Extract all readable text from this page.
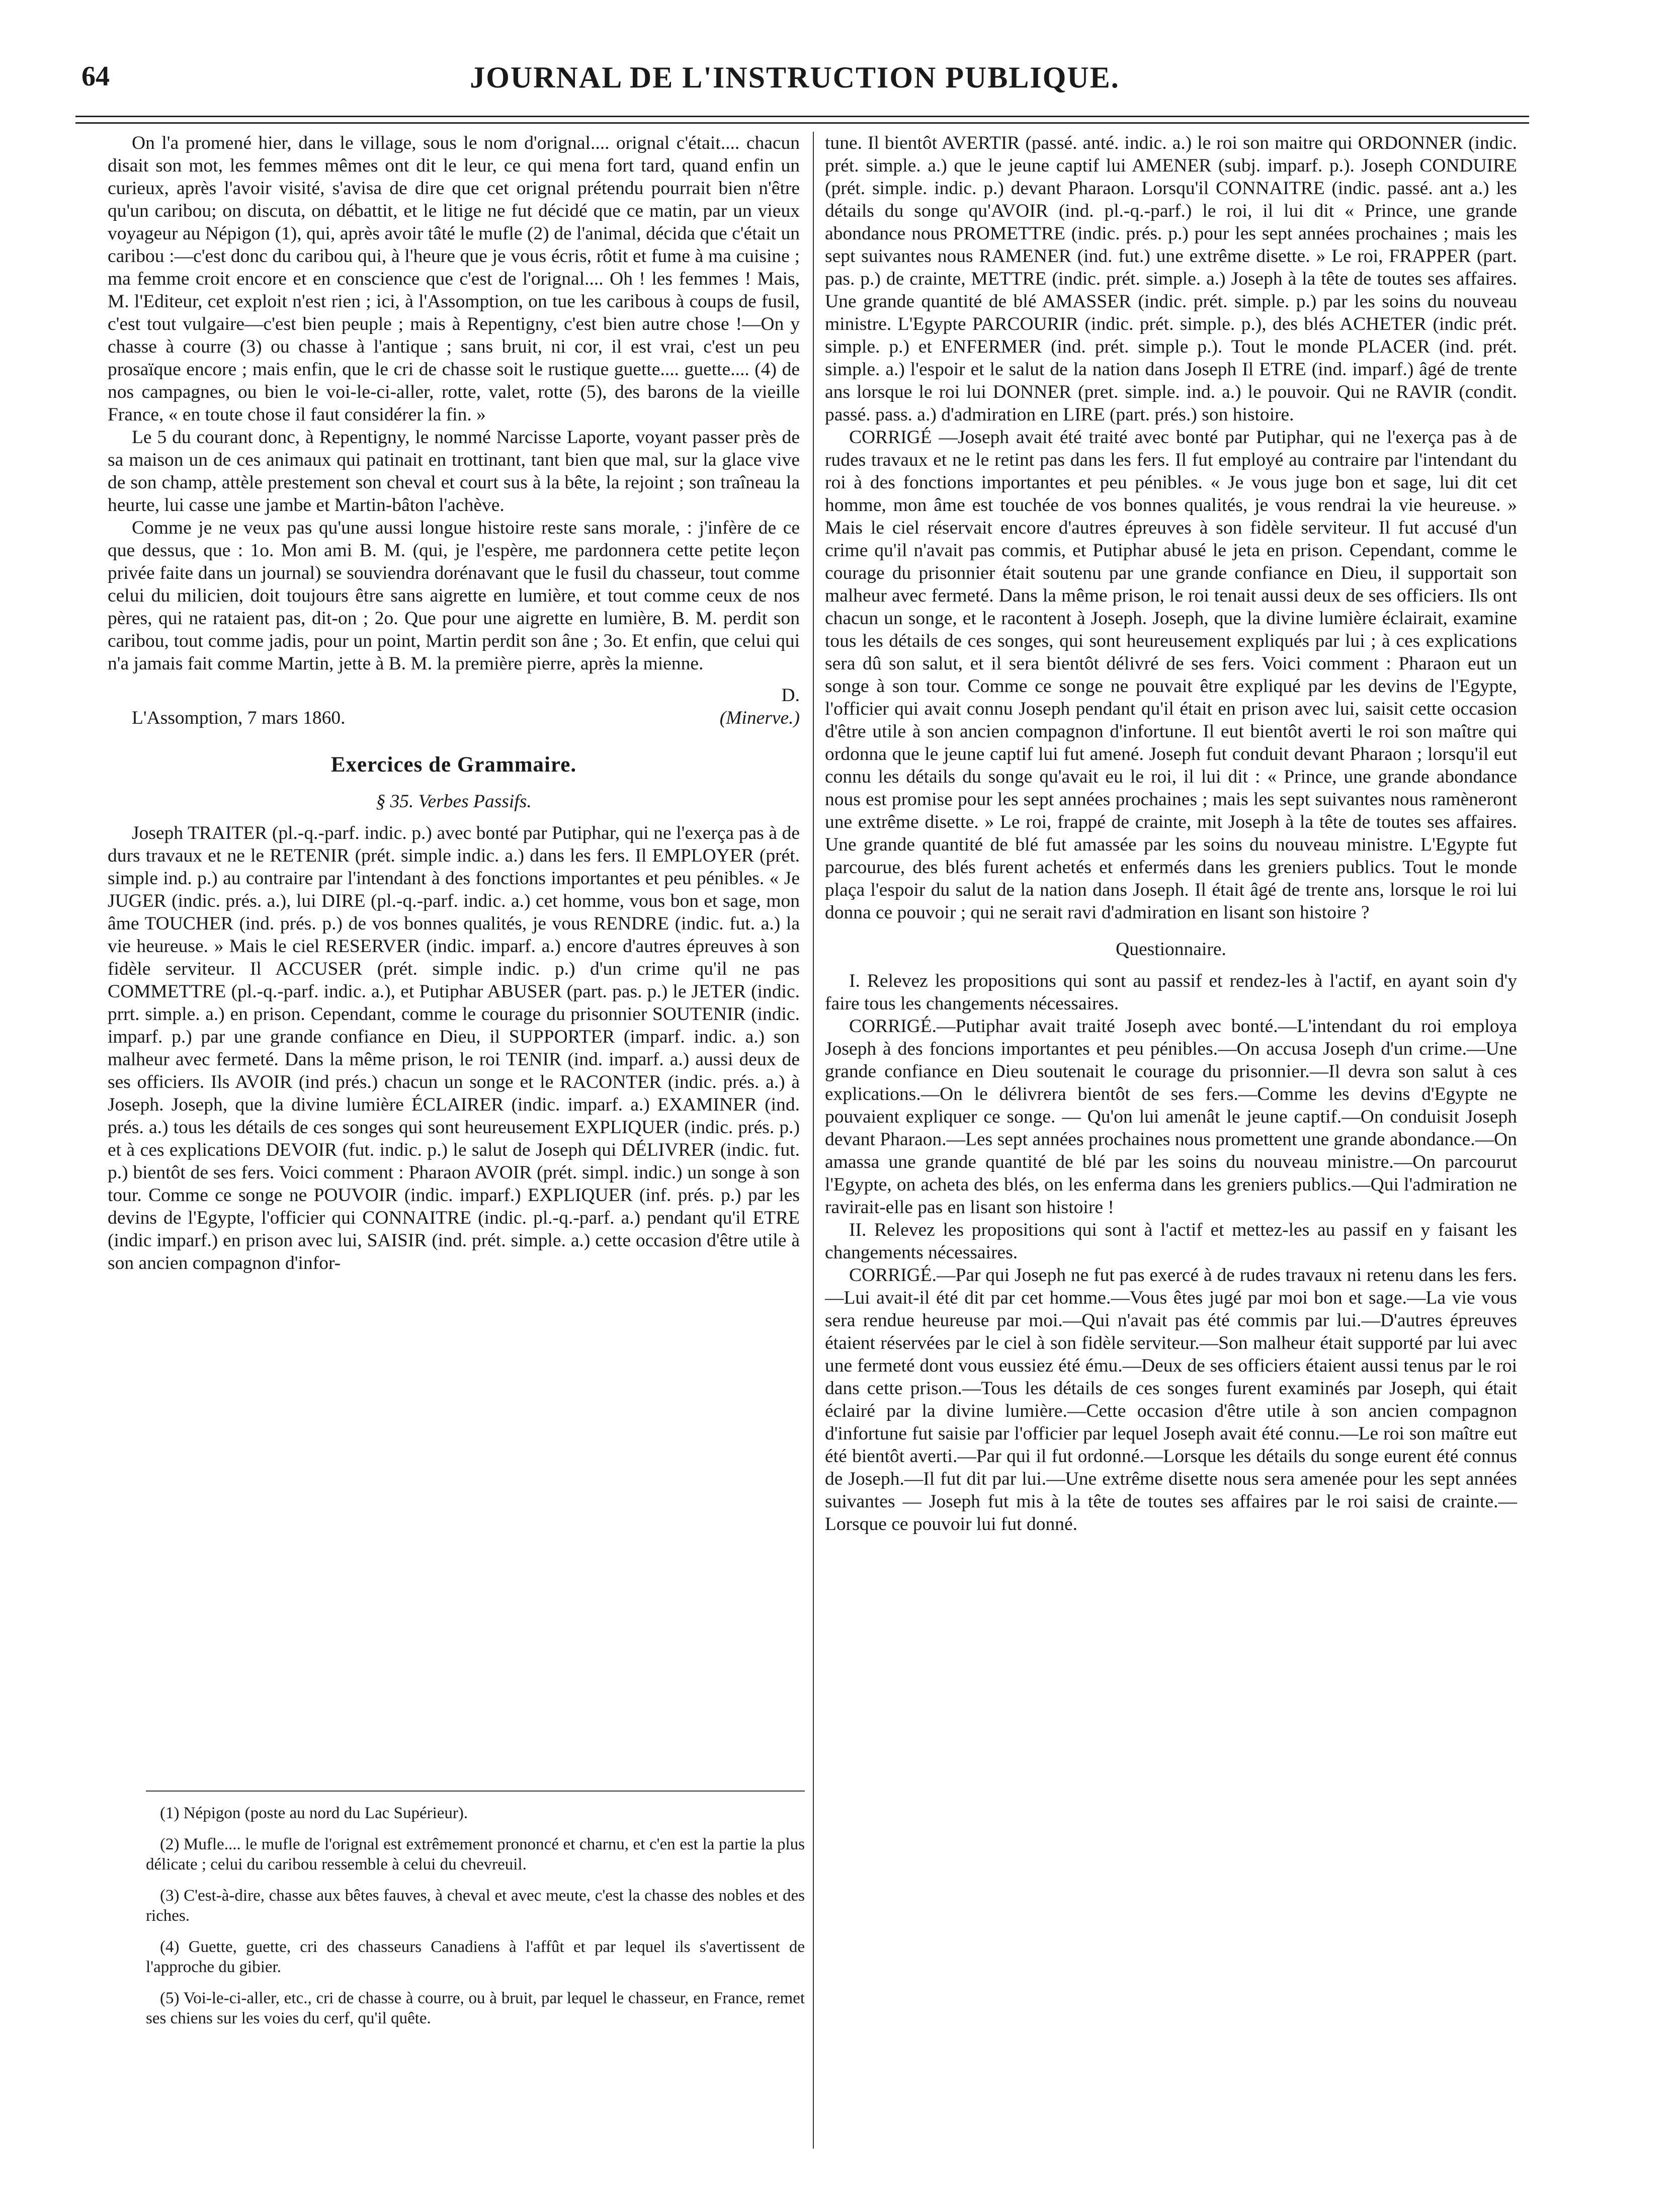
64	JOURNAL DE L'INSTRUCTION PUBLIQUE.

On l'a promené hier, dans le village, sous le nom d'orignal.... orignal c'était.... chacun disait son mot, les femmes mêmes ont dit le leur, ce qui mena fort tard, quand enfin un curieux, après l'avoir visité, s'avisa de dire que cet orignal prétendu pourrait bien n'être qu'un caribou; on discuta, on débattit, et le litige ne fut décidé que ce matin, par un vieux voyageur au Népigon (1), qui, après avoir tâté le mufle (2) de l'animal, décida que c'était un caribou :—c'est donc du caribou qui, à l'heure que je vous écris, rôtit et fume à ma cuisine ; ma femme croit encore et en conscience que c'est de l'orignal.... Oh ! les femmes ! Mais, M. l'Editeur, cet exploit n'est rien ; ici, à l'Assomption, on tue les caribous à coups de fusil, c'est tout vulgaire—c'est bien peuple ; mais à Repentigny, c'est bien autre chose !—On y chasse à courre (3) ou chasse à l'antique ; sans bruit, ni cor, il est vrai, c'est un peu prosaïque encore ; mais enfin, que le cri de chasse soit le rustique guette.... guette.... (4) de nos campagnes, ou bien le voi-le-ci-aller, rotte, valet, rotte (5), des barons de la vieille France, « en toute chose il faut considérer la fin. »

Le 5 du courant donc, à Repentigny, le nommé Narcisse Laporte, voyant passer près de sa maison un de ces animaux qui patinait en trottinant, tant bien que mal, sur la glace vive de son champ, attèle prestement son cheval et court sus à la bête, la rejoint ; son traîneau la heurte, lui casse une jambe et Martin-bâton l'achève.

Comme je ne veux pas qu'une aussi longue histoire reste sans morale, : j'infère de ce que dessus, que : 1o. Mon ami B. M. (qui, je l'espère, me pardonnera cette petite leçon privée faite dans un journal) se souviendra dorénavant que le fusil du chasseur, tout comme celui du milicien, doit toujours être sans aigrette en lumière, et tout comme ceux de nos pères, qui ne rataient pas, dit-on ; 2o. Que pour une aigrette en lumière, B. M. perdit son caribou, tout comme jadis, pour un point, Martin perdit son âne ; 3o. Et enfin, que celui qui n'a jamais fait comme Martin, jette à B. M. la première pierre, après la mienne.

D.

L'Assomption, 7 mars 1860.	(Minerve.)
Exercices de Grammaire.
§ 35. Verbes Passifs.

Joseph TRAITER (pl.-q.-parf. indic. p.) avec bonté par Putiphar, qui ne l'exerça pas à de durs travaux et ne le RETENIR (prét. simple indic. a.) dans les fers. Il EMPLOYER (prét. simple ind. p.) au contraire par l'intendant à des fonctions importantes et peu pénibles. « Je JUGER (indic. prés. a.), lui DIRE (pl.-q.-parf. indic. a.) cet homme, vous bon et sage, mon âme TOUCHER (ind. prés. p.) de vos bonnes qualités, je vous RENDRE (indic. fut. a.) la vie heureuse. » Mais le ciel RESERVER (indic. imparf. a.) encore d'autres épreuves à son fidèle serviteur. Il ACCUSER (prét. simple indic. p.) d'un crime qu'il ne pas COMMETTRE (pl.-q.-parf. indic. a.), et Putiphar ABUSER (part. pas. p.) le JETER (indic. prrt. simple. a.) en prison. Cependant, comme le courage du prisonnier SOUTENIR (indic. imparf. p.) par une grande confiance en Dieu, il SUPPORTER (imparf. indic. a.) son malheur avec fermeté. Dans la même prison, le roi TENIR (ind. imparf. a.) aussi deux de ses officiers. Ils AVOIR (ind prés.) chacun un songe et le RACONTER (indic. prés. a.) à Joseph. Joseph, que la divine lumière ÉCLAIRER (indic. imparf. a.) EXAMINER (ind. prés. a.) tous les détails de ces songes qui sont heureusement EXPLIQUER (indic. prés. p.) et à ces explications DEVOIR (fut. indic. p.) le salut de Joseph qui DÉLIVRER (indic. fut. p.) bientôt de ses fers. Voici comment : Pharaon AVOIR (prét. simpl. indic.) un songe à son tour. Comme ce songe ne POUVOIR (indic. imparf.) EXPLIQUER (inf. prés. p.) par les devins de l'Egypte, l'officier qui CONNAITRE (indic. pl.-q.-parf. a.) pendant qu'il ETRE (indic imparf.) en prison avec lui, SAISIR (ind. prét. simple. a.) cette occasion d'être utile à son ancien compagnon d'infor-

tune. Il bientôt AVERTIR (passé. anté. indic. a.) le roi son maitre qui ORDONNER (indic. prét. simple. a.) que le jeune captif lui AMENER (subj. imparf. p.). Joseph CONDUIRE (prét. simple. indic. p.) devant Pharaon. Lorsqu'il CONNAITRE (indic. passé. ant a.) les détails du songe qu'AVOIR (ind. pl.-q.-parf.) le roi, il lui dit « Prince, une grande abondance nous PROMETTRE (indic. prés. p.) pour les sept années prochaines ; mais les sept suivantes nous RAMENER (ind. fut.) une extrême disette. » Le roi, FRAPPER (part. pas. p.) de crainte, METTRE (indic. prét. simple. a.) Joseph à la tête de toutes ses affaires. Une grande quantité de blé AMASSER (indic. prét. simple. p.) par les soins du nouveau ministre. L'Egypte PARCOURIR (indic. prét. simple. p.), des blés ACHETER (indic prét. simple. p.) et ENFERMER (ind. prét. simple p.). Tout le monde PLACER (ind. prét. simple. a.) l'espoir et le salut de la nation dans Joseph Il ETRE (ind. imparf.) âgé de trente ans lorsque le roi lui DONNER (pret. simple. ind. a.) le pouvoir. Qui ne RAVIR (condit. passé. pass. a.) d'admiration en LIRE (part. prés.) son histoire.

CORRIGÉ —Joseph avait été traité avec bonté par Putiphar, qui ne l'exerça pas à de rudes travaux et ne le retint pas dans les fers. Il fut employé au contraire par l'intendant du roi à des fonctions importantes et peu pénibles. « Je vous juge bon et sage, lui dit cet homme, mon âme est touchée de vos bonnes qualités, je vous rendrai la vie heureuse. » Mais le ciel réservait encore d'autres épreuves à son fidèle serviteur. Il fut accusé d'un crime qu'il n'avait pas commis, et Putiphar abusé le jeta en prison. Cependant, comme le courage du prisonnier était soutenu par une grande confiance en Dieu, il supportait son malheur avec fermeté. Dans la même prison, le roi tenait aussi deux de ses officiers. Ils ont chacun un songe, et le racontent à Joseph. Joseph, que la divine lumière éclairait, examine tous les détails de ces songes, qui sont heureusement expliqués par lui ; à ces explications sera dû son salut, et il sera bientôt délivré de ses fers. Voici comment : Pharaon eut un songe à son tour. Comme ce songe ne pouvait être expliqué par les devins de l'Egypte, l'officier qui avait connu Joseph pendant qu'il était en prison avec lui, saisit cette occasion d'être utile à son ancien compagnon d'infortune. Il eut bientôt averti le roi son maître qui ordonna que le jeune captif lui fut amené. Joseph fut conduit devant Pharaon ; lorsqu'il eut connu les détails du songe qu'avait eu le roi, il lui dit : « Prince, une grande abondance nous est promise pour les sept années prochaines ; mais les sept suivantes nous ramèneront une extrême disette. » Le roi, frappé de crainte, mit Joseph à la tête de toutes ses affaires. Une grande quantité de blé fut amassée par les soins du nouveau ministre. L'Egypte fut parcourue, des blés furent achetés et enfermés dans les greniers publics. Tout le monde plaça l'espoir du salut de la nation dans Joseph. Il était âgé de trente ans, lorsque le roi lui donna ce pouvoir ; qui ne serait ravi d'admiration en lisant son histoire ?

Questionnaire.

I. Relevez les propositions qui sont au passif et rendez-les à l'actif, en ayant soin d'y faire tous les changements nécessaires.

CORRIGÉ.—Putiphar avait traité Joseph avec bonté.—L'intendant du roi employa Joseph à des foncions importantes et peu pénibles.—On accusa Joseph d'un crime.—Une grande confiance en Dieu soutenait le courage du prisonnier.—Il devra son salut à ces explications.—On le délivrera bientôt de ses fers.—Comme les devins d'Egypte ne pouvaient expliquer ce songe. — Qu'on lui amenât le jeune captif.—On conduisit Joseph devant Pharaon.—Les sept années prochaines nous promettent une grande abondance.—On amassa une grande quantité de blé par les soins du nouveau ministre.—On parcourut l'Egypte, on acheta des blés, on les enferma dans les greniers publics.—Qui l'admiration ne ravirait-elle pas en lisant son histoire !

II. Relevez les propositions qui sont à l'actif et mettez-les au passif en y faisant les changements nécessaires.

CORRIGÉ.—Par qui Joseph ne fut pas exercé à de rudes travaux ni retenu dans les fers.—Lui avait-il été dit par cet homme.—Vous êtes jugé par moi bon et sage.—La vie vous sera rendue heureuse par moi.—Qui n'avait pas été commis par lui.—D'autres épreuves étaient réservées par le ciel à son fidèle serviteur.—Son malheur était supporté par lui avec une fermeté dont vous eussiez été ému.—Deux de ses officiers étaient aussi tenus par le roi dans cette prison.—Tous les détails de ces songes furent examinés par Joseph, qui était éclairé par la divine lumière.—Cette occasion d'être utile à son ancien compagnon d'infortune fut saisie par l'officier par lequel Joseph avait été connu.—Le roi son maître eut été bientôt averti.—Par qui il fut ordonné.—Lorsque les détails du songe eurent été connus de Joseph.—Il fut dit par lui.—Une extrême disette nous sera amenée pour les sept années suivantes — Joseph fut mis à la tête de toutes ses affaires par le roi saisi de crainte.—Lorsque ce pouvoir lui fut donné.

(1) Népigon (poste au nord du Lac Supérieur).

(2) Mufle.... le mufle de l'orignal est extrêmement prononcé et charnu, et c'en est la partie la plus délicate ; celui du caribou ressemble à celui du chevreuil.

(3) C'est-à-dire, chasse aux bêtes fauves, à cheval et avec meute, c'est la chasse des nobles et des riches.

(4) Guette, guette, cri des chasseurs Canadiens à l'affût et par lequel ils s'avertissent de l'approche du gibier.

(5) Voi-le-ci-aller, etc., cri de chasse à courre, ou à bruit, par lequel le chasseur, en France, remet ses chiens sur les voies du cerf, qu'il quête.
